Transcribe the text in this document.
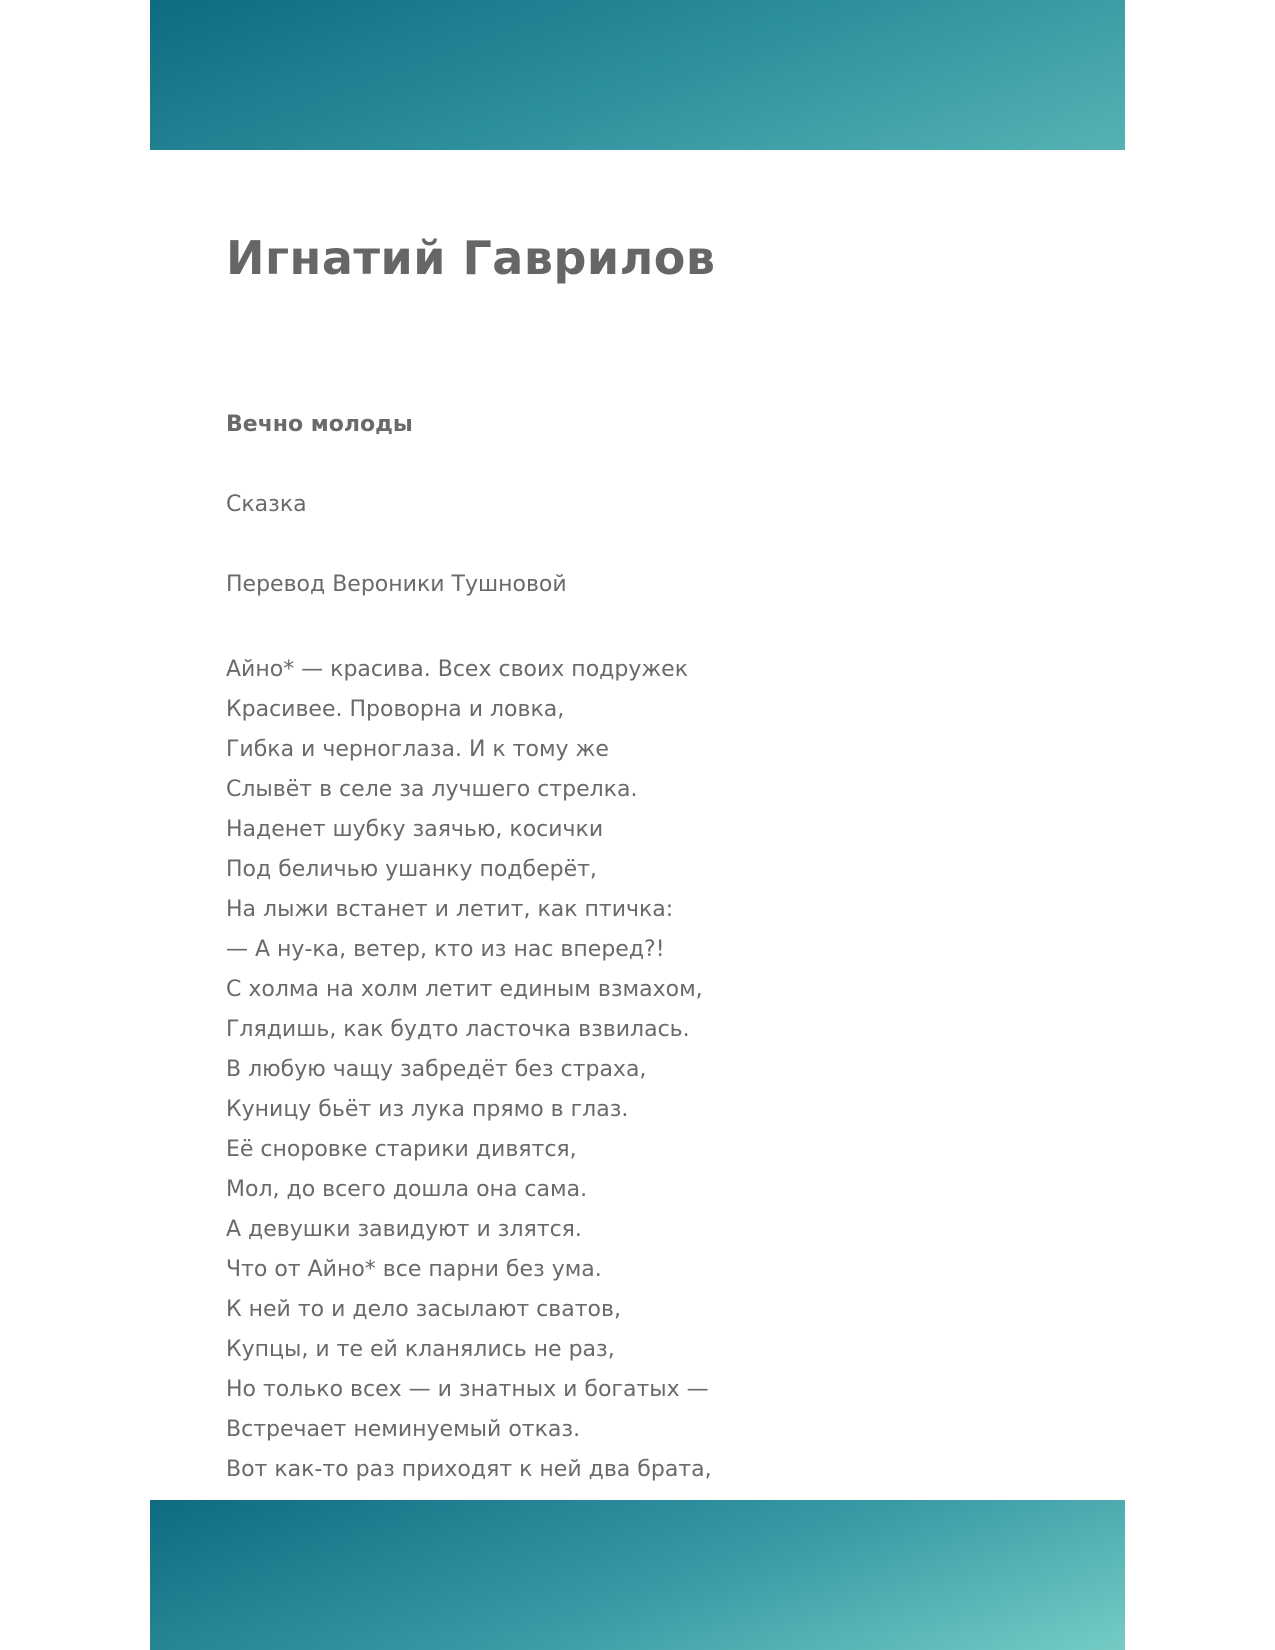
Игнатий Гаврилов

Вечно молоды

Сказка

Перевод Вероники Тушновой

Айно* — красива. Всех своих подружек
Красивее. Проворна и ловка,
Гибка и черноглаза. И к тому же
Слывёт в селе за лучшего стрелка.
Наденет шубку заячью, косички
Под беличью ушанку подберёт,
На лыжи встанет и летит, как птичка:
— А ну-ка, ветер, кто из нас вперед?!
С холма на холм летит единым взмахом,
Глядишь, как будто ласточка взвилась.
В любую чащу забредёт без страха,
Куницу бьёт из лука прямо в глаз.
Её сноровке старики дивятся,
Мол, до всего дошла она сама.
А девушки завидуют и злятся.
Что от Айно* все парни без ума.
К ней то и дело засылают сватов,
Купцы, и те ей кланялись не раз,
Но только всех — и знатных и богатых —
Встречает неминуемый отказ.
Вот как-то раз приходят к ней два брата,
